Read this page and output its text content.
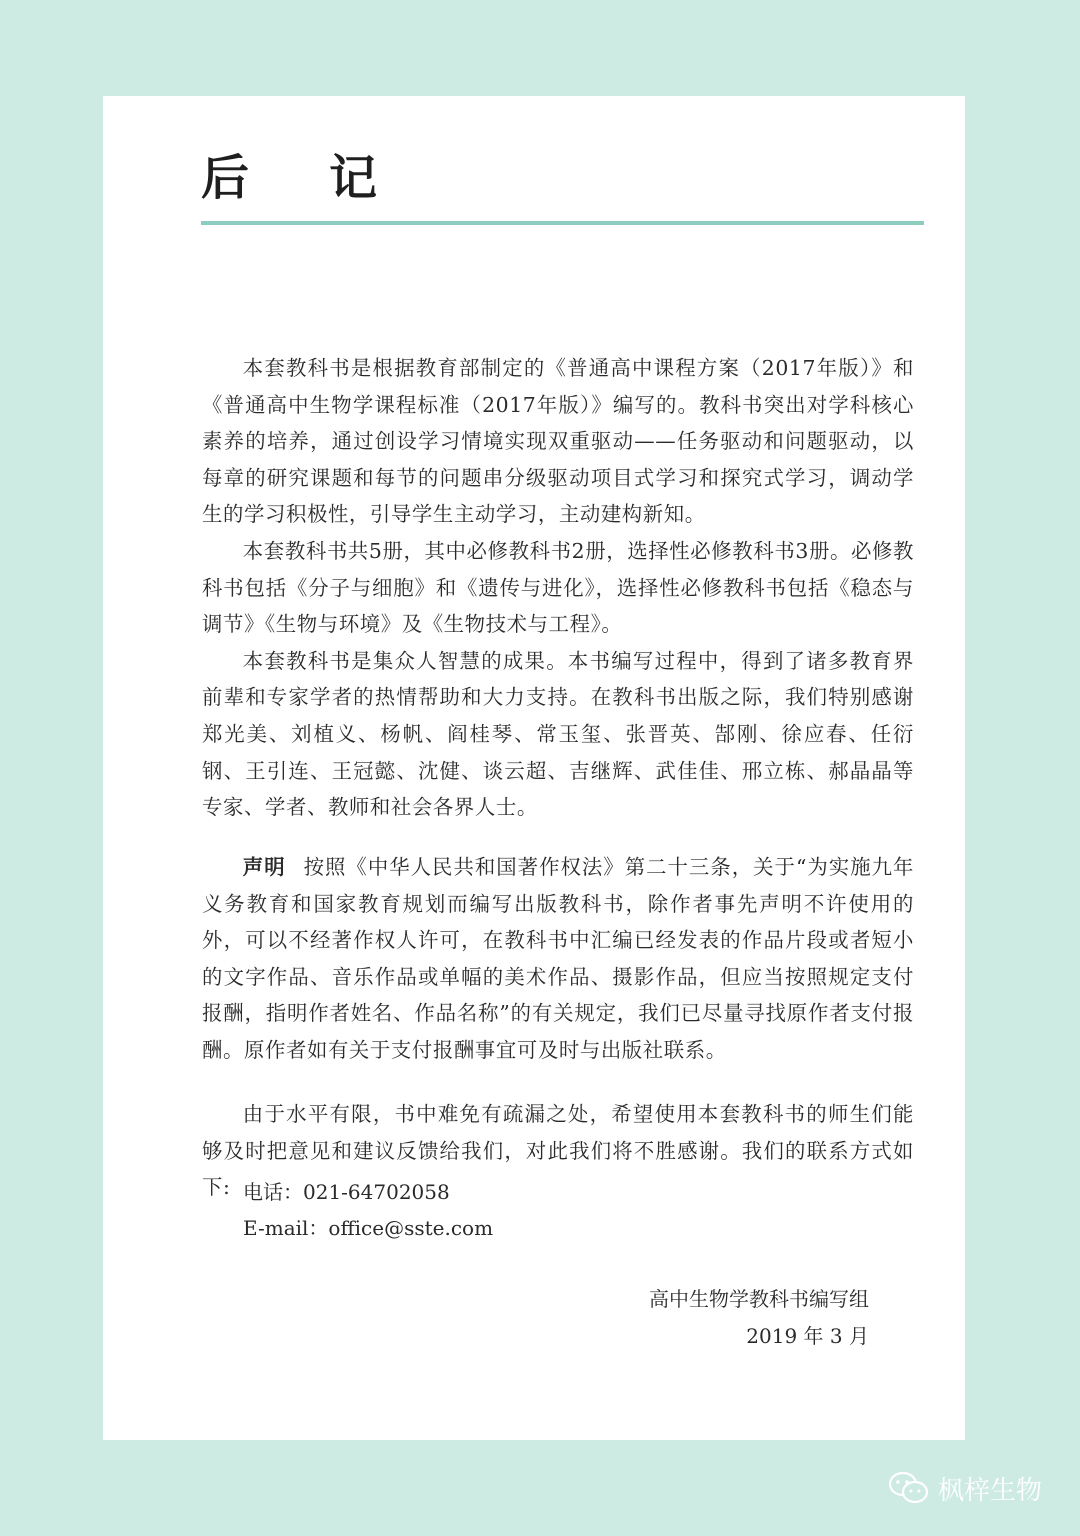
后记

本套教科书是根据教育部制定的《普通高中课程方案（2017年版）》和《普通高中生物学课程标准（2017年版）》编写的。教科书突出对学科核心素养的培养，通过创设学习情境实现双重驱动——任务驱动和问题驱动，以每章的研究课题和每节的问题串分级驱动项目式学习和探究式学习，调动学生的学习积极性，引导学生主动学习，主动建构新知。

本套教科书共5册，其中必修教科书2册，选择性必修教科书3册。必修教科书包括《分子与细胞》和《遗传与进化》，选择性必修教科书包括《稳态与调节》《生物与环境》及《生物技术与工程》。

本套教科书是集众人智慧的成果。本书编写过程中，得到了诸多教育界前辈和专家学者的热情帮助和大力支持。在教科书出版之际，我们特别感谢郑光美、刘植义、杨帆、阎桂琴、常玉玺、张晋英、郜刚、徐应春、任衍钢、王引连、王冠懿、沈健、谈云超、吉继辉、武佳佳、邢立栋、郝晶晶等专家、学者、教师和社会各界人士。

声明 按照《中华人民共和国著作权法》第二十三条，关于“为实施九年义务教育和国家教育规划而编写出版教科书，除作者事先声明不许使用的外，可以不经著作权人许可，在教科书中汇编已经发表的作品片段或者短小的文字作品、音乐作品或单幅的美术作品、摄影作品，但应当按照规定支付报酬，指明作者姓名、作品名称”的有关规定，我们已尽量寻找原作者支付报酬。原作者如有关于支付报酬事宜可及时与出版社联系。

由于水平有限，书中难免有疏漏之处，希望使用本套教科书的师生们能够及时把意见和建议反馈给我们，对此我们将不胜感谢。我们的联系方式如下: 电话：021-64702058
E-mail：office@sste.com
高中生物学教科书编写组
2019 年 3 月
枫梓生物
